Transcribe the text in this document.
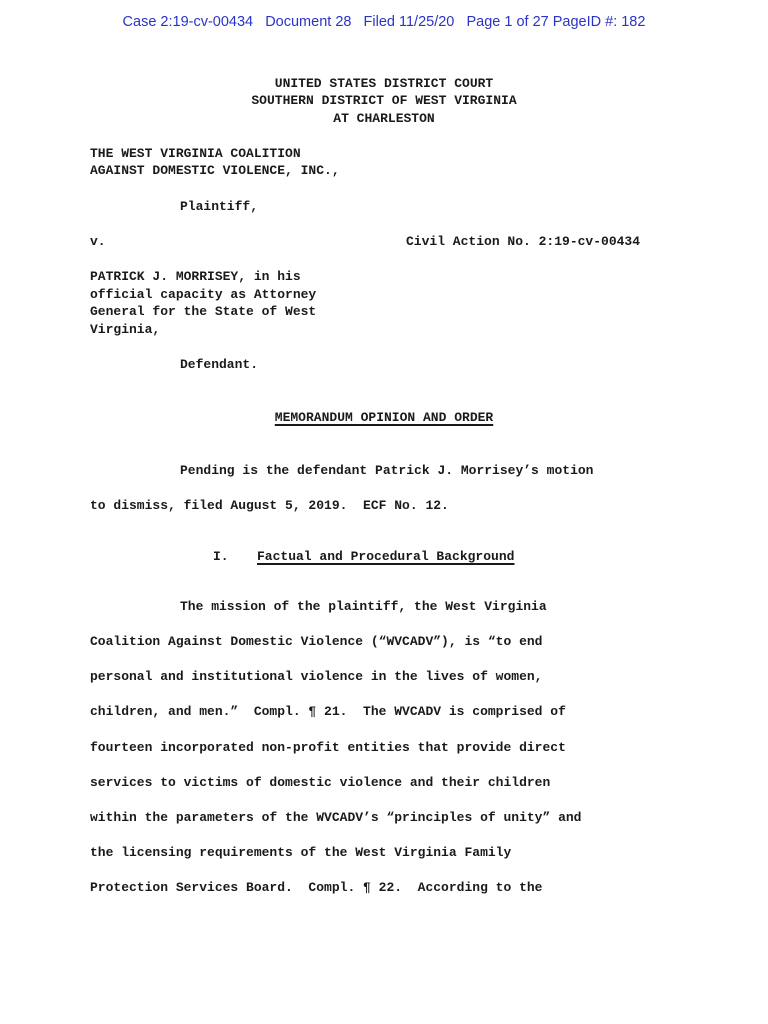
Case 2:19-cv-00434 Document 28 Filed 11/25/20 Page 1 of 27 PageID #: 182
UNITED STATES DISTRICT COURT
SOUTHERN DISTRICT OF WEST VIRGINIA
AT CHARLESTON
THE WEST VIRGINIA COALITION
AGAINST DOMESTIC VIOLENCE, INC.,
Plaintiff,
v.	Civil Action No. 2:19-cv-00434
PATRICK J. MORRISEY, in his
official capacity as Attorney
General for the State of West
Virginia,
Defendant.
MEMORANDUM OPINION AND ORDER
Pending is the defendant Patrick J. Morrisey’s motion
to dismiss, filed August 5, 2019.  ECF No. 12.
I. Factual and Procedural Background
The mission of the plaintiff, the West Virginia
Coalition Against Domestic Violence (“WVCADV”), is “to end
personal and institutional violence in the lives of women,
children, and men.”  Compl. ¶ 21.  The WVCADV is comprised of
fourteen incorporated non-profit entities that provide direct
services to victims of domestic violence and their children
within the parameters of the WVCADV’s “principles of unity” and
the licensing requirements of the West Virginia Family
Protection Services Board.  Compl. ¶ 22.  According to the
